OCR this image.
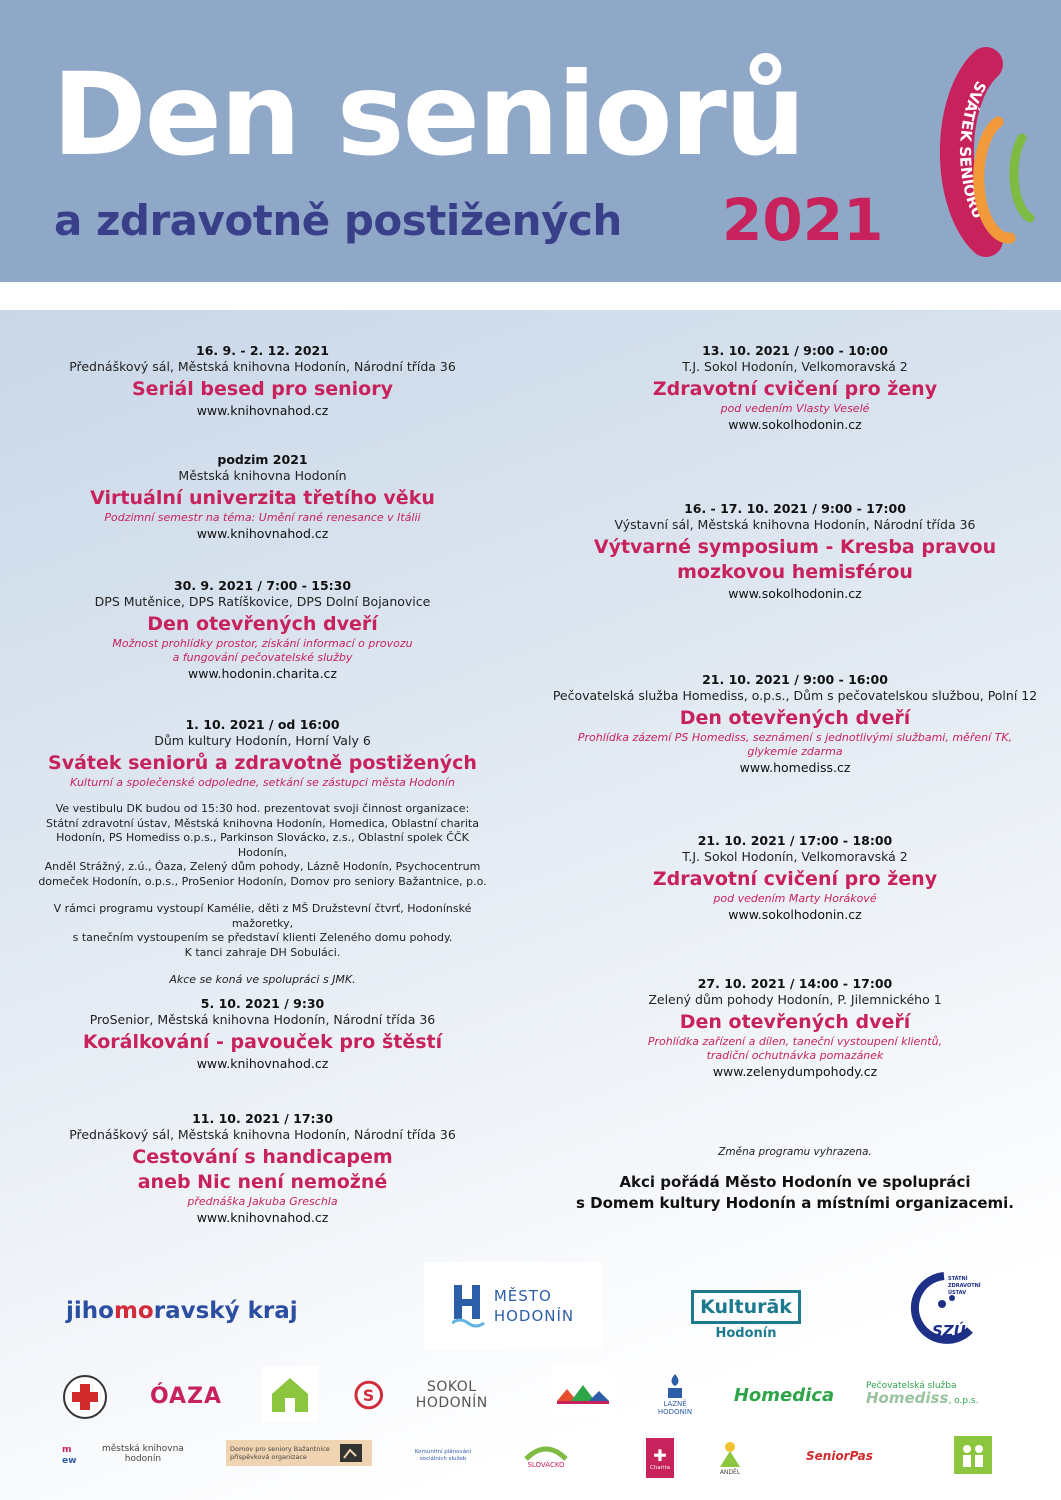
Den seniorů
a zdravotně postižených 2021
SVÁTEK SENIORŮ
16. 9. - 2. 12. 2021
Přednáškový sál, Městská knihovna Hodonín, Národní třída 36
Seriál besed pro seniory
www.knihovnahod.cz
podzim 2021
Městská knihovna Hodonín
Virtuální univerzita třetího věku
Podzimní semestr na téma: Umění rané renesance v Itálii
www.knihovnahod.cz
30. 9. 2021 / 7:00 - 15:30
DPS Mutěnice, DPS Ratíškovice, DPS Dolní Bojanovice
Den otevřených dveří
Možnost prohlídky prostor, získání informací o provozu
a fungování pečovatelské služby
www.hodonin.charita.cz
1. 10. 2021 / od 16:00
Dům kultury Hodonín, Horní Valy 6
Svátek seniorů a zdravotně postižených
Kulturní a společenské odpoledne, setkání se zástupci města Hodonín

Ve vestibulu DK budou od 15:30 hod. prezentovat svoji činnost organizace:
Státní zdravotní ústav, Městská knihovna Hodonín, Homedica, Oblastní charita
Hodonín, PS Homediss o.p.s., Parkinson Slovácko, z.s., Oblastní spolek ČČK Hodonín,
Anděl Strážný, z.ú., Óaza, Zelený dům pohody, Lázně Hodonín, Psychocentrum
domeček Hodonín, o.p.s., ProSenior Hodonín, Domov pro seniory Bažantnice, p.o.

V rámci programu vystoupí Kamélie, děti z MŠ Družstevní čtvrť, Hodonínské mažoretky,
s tanečním vystoupením se představí klienti Zeleného domu pohody.
K tanci zahraje DH Sobuláci.

Akce se koná ve spolupráci s JMK.

5. 10. 2021 / 9:30
ProSenior, Městská knihovna Hodonín, Národní třída 36
Korálkování - pavouček pro štěstí
www.knihovnahod.cz
11. 10. 2021 / 17:30
Přednáškový sál, Městská knihovna Hodonín, Národní třída 36
Cestování s handicapem
aneb Nic není nemožné
přednáška Jakuba Greschla
www.knihovnahod.cz
13. 10. 2021 / 9:00 - 10:00
T.J. Sokol Hodonín, Velkomoravská 2
Zdravotní cvičení pro ženy
pod vedením Vlasty Veselé
www.sokolhodonin.cz
16. - 17. 10. 2021 / 9:00 - 17:00
Výstavní sál, Městská knihovna Hodonín, Národní třída 36
Výtvarné symposium - Kresba pravou
mozkovou hemisférou
www.sokolhodonin.cz
21. 10. 2021 / 9:00 - 16:00
Pečovatelská služba Homediss, o.p.s., Dům s pečovatelskou službou, Polní 12
Den otevřených dveří
Prohlídka zázemí PS Homediss, seznámení s jednotlivými službami, měření TK,
glykemie zdarma
www.homediss.cz
21. 10. 2021 / 17:00 - 18:00
T.J. Sokol Hodonín, Velkomoravská 2
Zdravotní cvičení pro ženy
pod vedením Marty Horákové
www.sokolhodonin.cz
27. 10. 2021 / 14:00 - 17:00
Zelený dům pohody Hodonín, P. Jilemnického 1
Den otevřených dveří
Prohlídka zařízení a dílen, taneční vystoupení klientů,
tradiční ochutnávka pomazánek
www.zelenydumpohody.cz
Změna programu vyhrazena.
Akci pořádá Město Hodonín ve spolupráci
s Domem kultury Hodonín a místními organizacemi.
jiho mo ravský kraj
MĚSTO
HODONÍN	Kulturāk
Hodonín
STÁTNÍ
ZDRAVOTNÍ
ÚSTAV
SZÚ
ÓAZA	S	SOKOL HODONÍN	LÁZNĚ HODONÍN
Homedica	Pečovatelská služba
Homediss, o.p.s.
m
ew
městská knihovna hodonín
Domov pro seniory Bažantnice příspěvková organizace
Komunitní plánování sociálních služeb
SLOVÁCKO
✚
Charita
ANDĚL
SeniorPas
